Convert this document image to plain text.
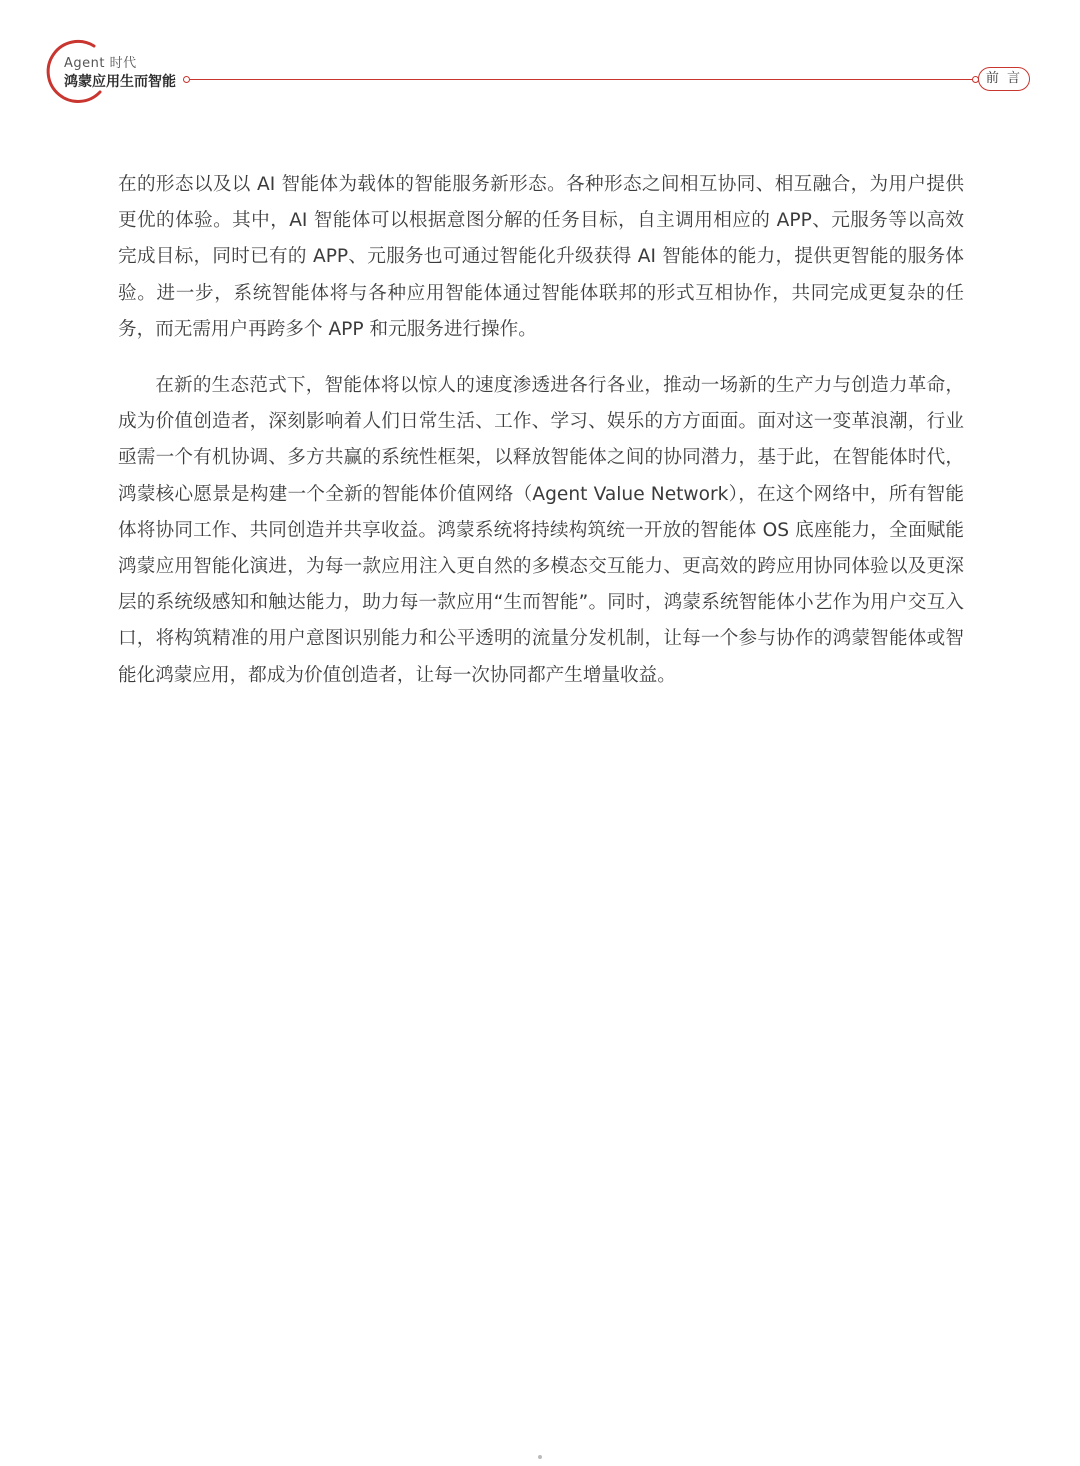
Agent 时代
鸿蒙应用生而智能	前 言

在的形态以及以 AI 智能体为载体的智能服务新形态。各种形态之间相互协同、相互融合，为用户提供更优的体验。其中，AI 智能体可以根据意图分解的任务目标，自主调用相应的 APP、元服务等以高效完成目标，同时已有的 APP、元服务也可通过智能化升级获得 AI 智能体的能力，提供更智能的服务体验。进一步，系统智能体将与各种应用智能体通过智能体联邦的形式互相协作，共同完成更复杂的任务，而无需用户再跨多个 APP 和元服务进行操作。

在新的生态范式下，智能体将以惊人的速度渗透进各行各业，推动一场新的生产力与创造力革命，成为价值创造者，深刻影响着人们日常生活、工作、学习、娱乐的方方面面。面对这一变革浪潮，行业亟需一个有机协调、多方共赢的系统性框架，以释放智能体之间的协同潜力，基于此，在智能体时代，鸿蒙核心愿景是构建一个全新的智能体价值网络（Agent Value Network），在这个网络中，所有智能体将协同工作、共同创造并共享收益。鸿蒙系统将持续构筑统一开放的智能体 OS 底座能力，全面赋能鸿蒙应用智能化演进，为每一款应用注入更自然的多模态交互能力、更高效的跨应用协同体验以及更深层的系统级感知和触达能力，助力每一款应用“生而智能”。同时，鸿蒙系统智能体小艺作为用户交互入口，将构筑精准的用户意图识别能力和公平透明的流量分发机制，让每一个参与协作的鸿蒙智能体或智能化鸿蒙应用，都成为价值创造者，让每一次协同都产生增量收益。
